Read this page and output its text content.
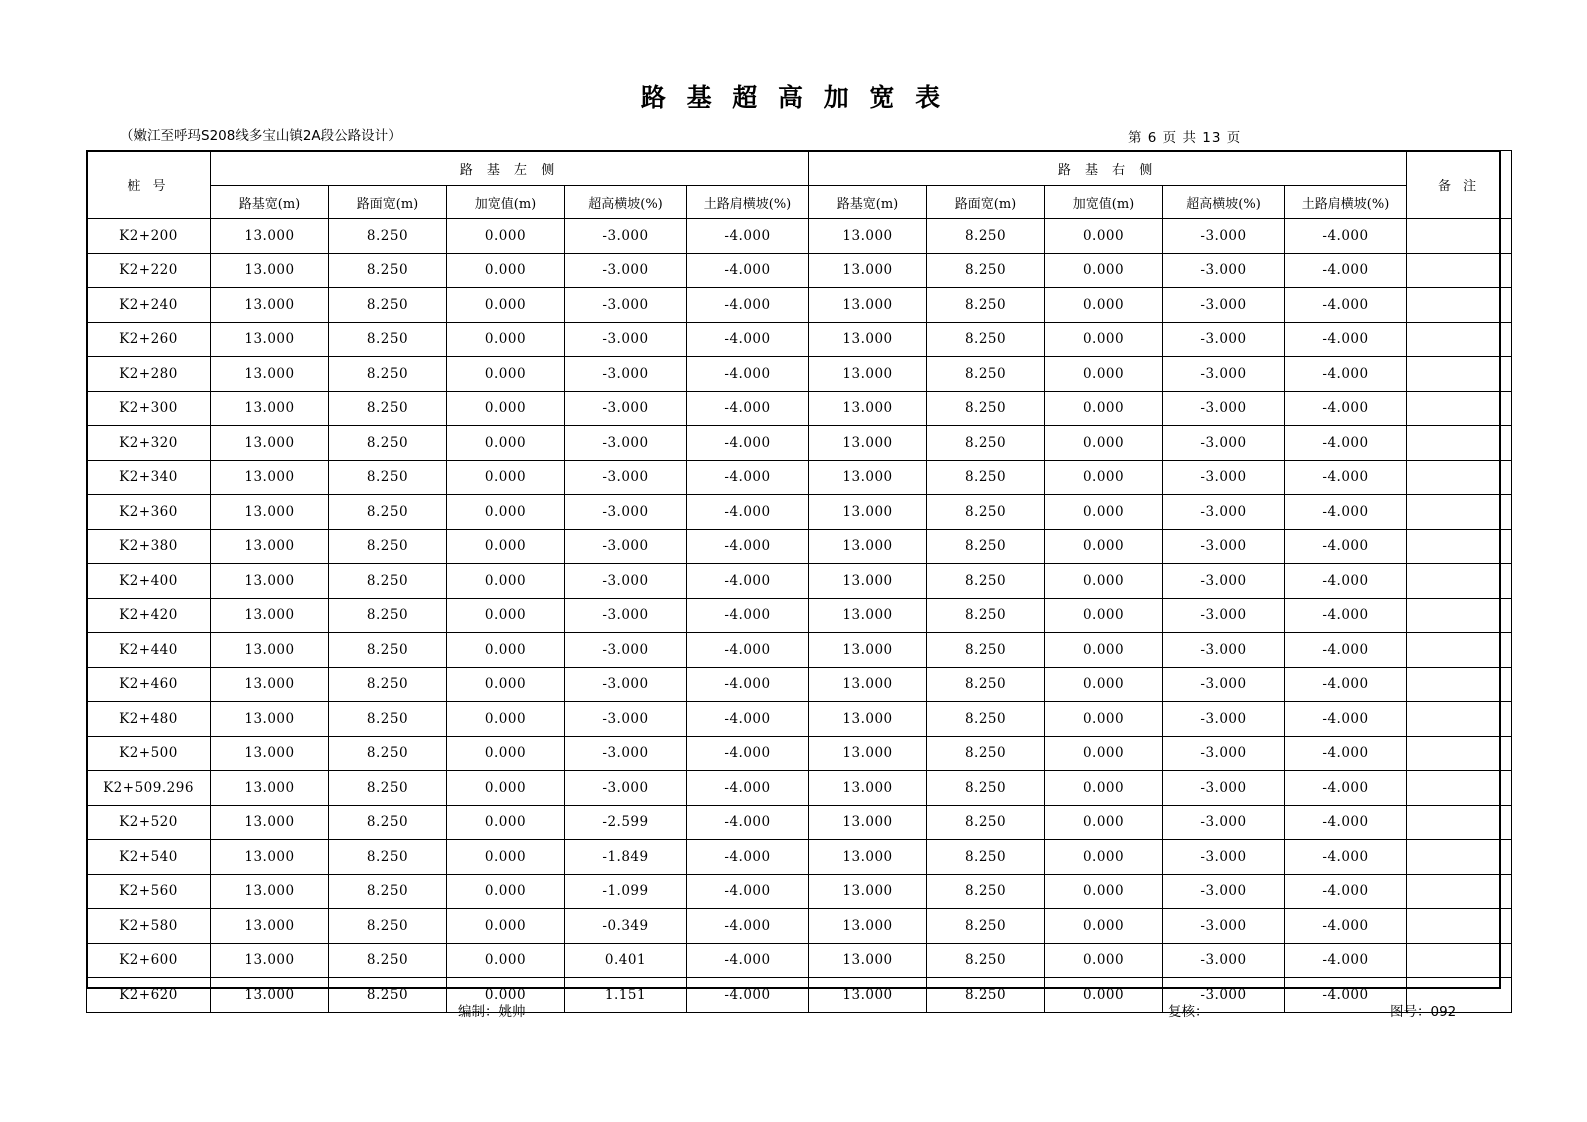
路 基 超 高 加 宽 表
（嫩江至呼玛S208线多宝山镇2A段公路设计）	第 6 页 共 13 页
桩 号	路 基 左 侧					路 基 右 侧					备 注
	路基宽(m)	路面宽(m)	加宽值(m)	超高横坡(%)	土路肩横坡(%)	路基宽(m)	路面宽(m)	加宽值(m)	超高横坡(%)	土路肩横坡(%)	
K2+200	13.000	8.250	0.000	-3.000	-4.000	13.000	8.250	0.000	-3.000	-4.000	
K2+220	13.000	8.250	0.000	-3.000	-4.000	13.000	8.250	0.000	-3.000	-4.000	
K2+240	13.000	8.250	0.000	-3.000	-4.000	13.000	8.250	0.000	-3.000	-4.000	
K2+260	13.000	8.250	0.000	-3.000	-4.000	13.000	8.250	0.000	-3.000	-4.000	
K2+280	13.000	8.250	0.000	-3.000	-4.000	13.000	8.250	0.000	-3.000	-4.000	
K2+300	13.000	8.250	0.000	-3.000	-4.000	13.000	8.250	0.000	-3.000	-4.000	
K2+320	13.000	8.250	0.000	-3.000	-4.000	13.000	8.250	0.000	-3.000	-4.000	
K2+340	13.000	8.250	0.000	-3.000	-4.000	13.000	8.250	0.000	-3.000	-4.000	
K2+360	13.000	8.250	0.000	-3.000	-4.000	13.000	8.250	0.000	-3.000	-4.000	
K2+380	13.000	8.250	0.000	-3.000	-4.000	13.000	8.250	0.000	-3.000	-4.000	
K2+400	13.000	8.250	0.000	-3.000	-4.000	13.000	8.250	0.000	-3.000	-4.000	
K2+420	13.000	8.250	0.000	-3.000	-4.000	13.000	8.250	0.000	-3.000	-4.000	
K2+440	13.000	8.250	0.000	-3.000	-4.000	13.000	8.250	0.000	-3.000	-4.000	
K2+460	13.000	8.250	0.000	-3.000	-4.000	13.000	8.250	0.000	-3.000	-4.000	
K2+480	13.000	8.250	0.000	-3.000	-4.000	13.000	8.250	0.000	-3.000	-4.000	
K2+500	13.000	8.250	0.000	-3.000	-4.000	13.000	8.250	0.000	-3.000	-4.000	
K2+509.296	13.000	8.250	0.000	-3.000	-4.000	13.000	8.250	0.000	-3.000	-4.000	
K2+520	13.000	8.250	0.000	-2.599	-4.000	13.000	8.250	0.000	-3.000	-4.000	
K2+540	13.000	8.250	0.000	-1.849	-4.000	13.000	8.250	0.000	-3.000	-4.000	
K2+560	13.000	8.250	0.000	-1.099	-4.000	13.000	8.250	0.000	-3.000	-4.000	
K2+580	13.000	8.250	0.000	-0.349	-4.000	13.000	8.250	0.000	-3.000	-4.000	
K2+600	13.000	8.250	0.000	0.401	-4.000	13.000	8.250	0.000	-3.000	-4.000	
K2+620	13.000	8.250	0.000	1.151	-4.000	13.000	8.250	0.000	-3.000	-4.000	
编制：姚帅	复核：	图号：092
